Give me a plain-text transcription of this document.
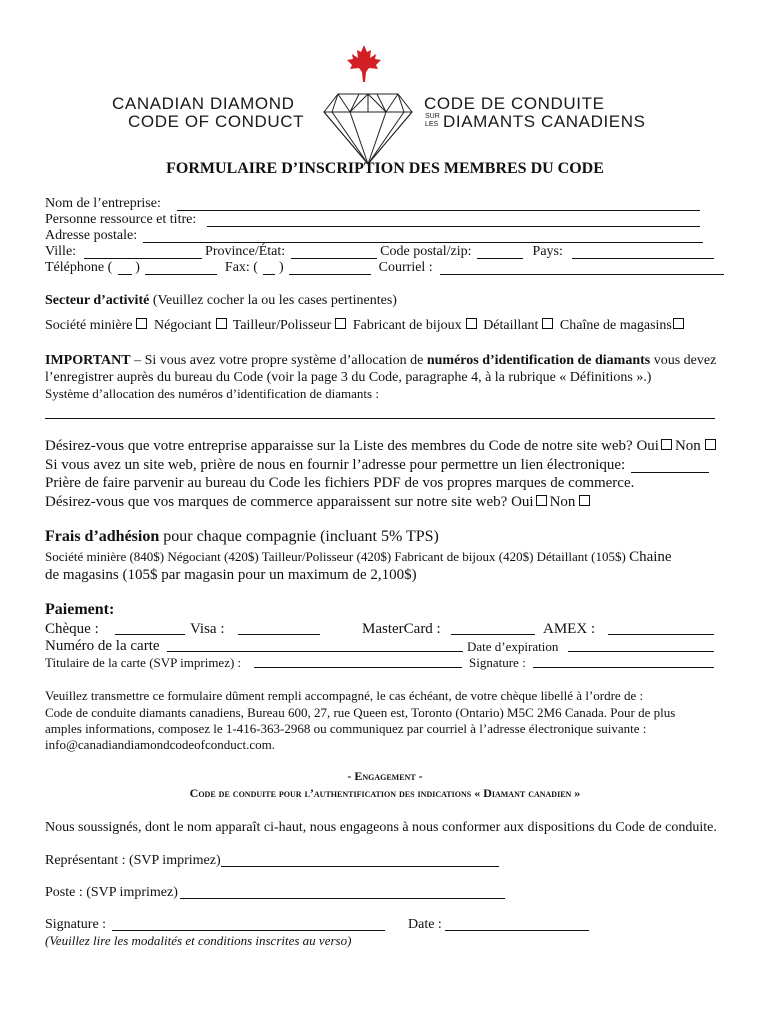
CANADIAN DIAMOND
CODE OF CONDUCT
CODE DE CONDUITE
SUR
LES DIAMANTS CANADIENS
FORMULAIRE D’INSCRIPTION DES MEMBRES DU CODE
Nom de l’entreprise:
Personne ressource et titre:
Adresse postale:
Ville:	Province/État:	Code postal/zip:	Pays:
Téléphone ( )	Fax: ( )	Courriel :
Secteur d’activité (Veuillez cocher la ou les cases pertinentes)
Société minière Négociant Tailleur/Polisseur Fabricant de bijoux Détaillant Chaîne de magasins
IMPORTANT – Si vous avez votre propre système d’allocation de numéros d’identification de diamants vous devez
l’enregistrer auprès du bureau du Code (voir la page 3 du Code, paragraphe 4, à la rubrique « Définitions ».)
Système d’allocation des numéros d’identification de diamants :
Désirez-vous que votre entreprise apparaisse sur la Liste des membres du Code de notre site web? Oui Non
Si vous avez un site web, prière de nous en fournir l’adresse pour permettre un lien électronique:
Prière de faire parvenir au bureau du Code les fichiers PDF de vos propres marques de commerce.
Désirez-vous que vos marques de commerce apparaissent sur notre site web? Oui Non
Frais d’adhésion pour chaque compagnie (incluant 5% TPS)
Société minière (840$) Négociant (420$) Tailleur/Polisseur (420$) Fabricant de bijoux (420$) Détaillant (105$) Chaine
de magasins (105$ par magasin pour un maximum de 2,100$)
Paiement:
Chèque :	Visa :	MasterCard :	AMEX :
Numéro de la carte	Date d’expiration
Titulaire de la carte (SVP imprimez) :	Signature :
Veuillez transmettre ce formulaire dûment rempli accompagné, le cas échéant, de votre chèque libellé à l’ordre de :
Code de conduite diamants canadiens, Bureau 600, 27, rue Queen est, Toronto (Ontario) M5C 2M6 Canada. Pour de plus
amples informations, composez le 1-416-363-2968 ou communiquez par courriel à l’adresse électronique suivante :
info@canadiandiamondcodeofconduct.com.
- Engagement -
Code de conduite pour l’authentification des indications « Diamant canadien »
Nous soussignés, dont le nom apparaît ci-haut, nous engageons à nous conformer aux dispositions du Code de conduite.
Représentant : (SVP imprimez)
Poste : (SVP imprimez)
Signature :	Date :
(Veuillez lire les modalités et conditions inscrites au verso)
